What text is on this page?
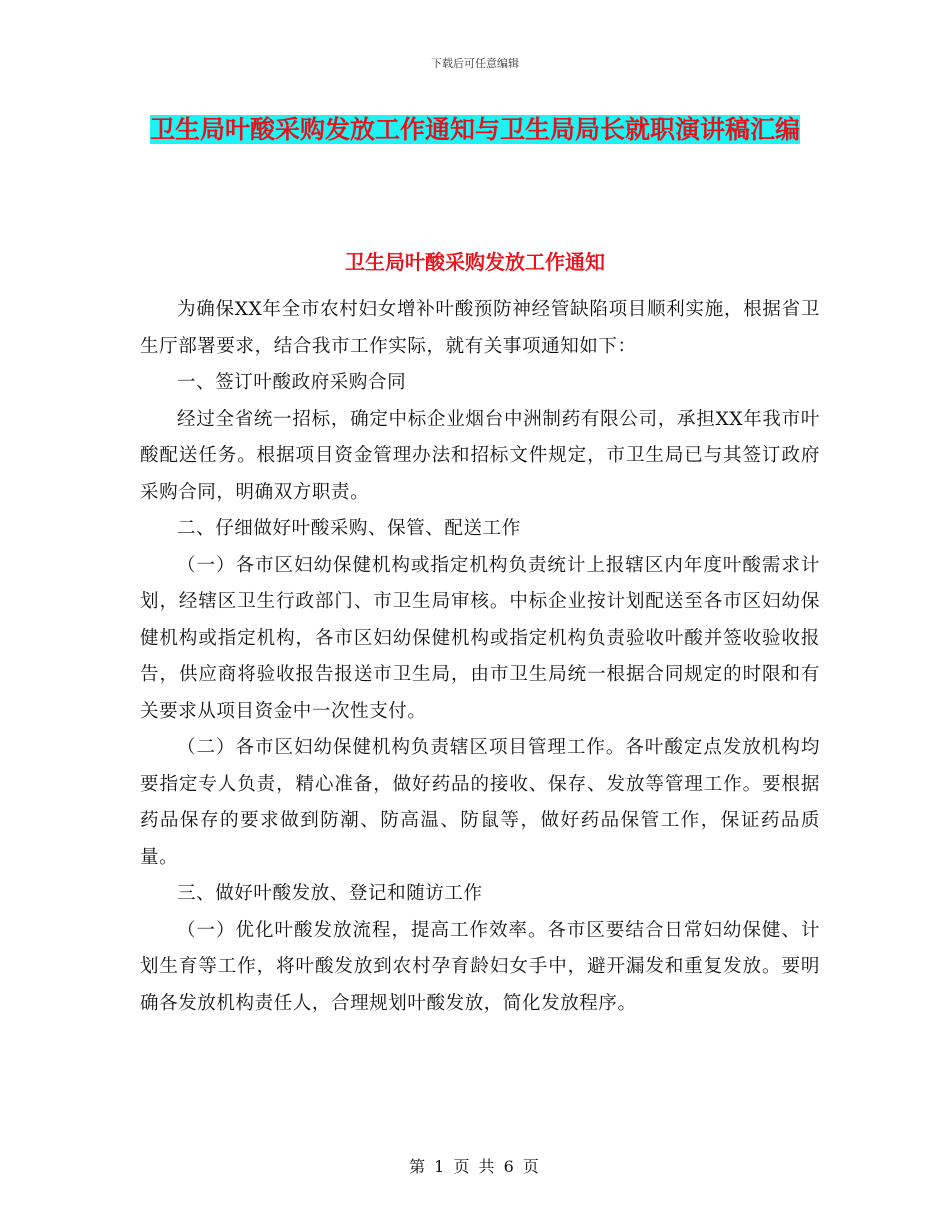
下载后可任意编辑
卫生局叶酸采购发放工作通知与卫生局局长就职演讲稿汇编
卫生局叶酸采购发放工作通知

为确保XX年全市农村妇女增补叶酸预防神经管缺陷项目顺利实施，根据省卫生厅部署要求，结合我市工作实际，就有关事项通知如下：

一、签订叶酸政府采购合同

经过全省统一招标，确定中标企业烟台中洲制药有限公司，承担XX年我市叶酸配送任务。根据项目资金管理办法和招标文件规定，市卫生局已与其签订政府采购合同，明确双方职责。

二、仔细做好叶酸采购、保管、配送工作

（一）各市区妇幼保健机构或指定机构负责统计上报辖区内年度叶酸需求计划，经辖区卫生行政部门、市卫生局审核。中标企业按计划配送至各市区妇幼保健机构或指定机构，各市区妇幼保健机构或指定机构负责验收叶酸并签收验收报告，供应商将验收报告报送市卫生局，由市卫生局统一根据合同规定的时限和有关要求从项目资金中一次性支付。

（二）各市区妇幼保健机构负责辖区项目管理工作。各叶酸定点发放机构均要指定专人负责，精心准备，做好药品的接收、保存、发放等管理工作。要根据药品保存的要求做到防潮、防高温、防鼠等，做好药品保管工作，保证药品质量。

三、做好叶酸发放、登记和随访工作

（一）优化叶酸发放流程，提高工作效率。各市区要结合日常妇幼保健、计划生育等工作，将叶酸发放到农村孕育龄妇女手中，避开漏发和重复发放。要明确各发放机构责任人，合理规划叶酸发放，简化发放程序。

第 1 页 共 6 页
